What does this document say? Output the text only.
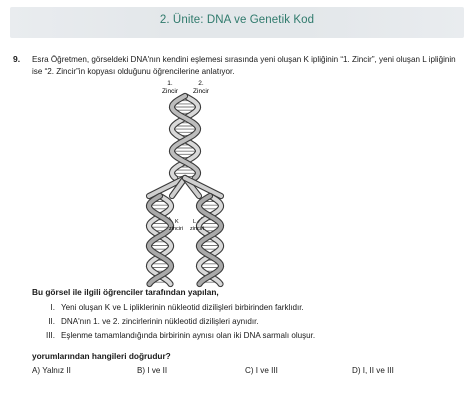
2. Ünite: DNA ve Genetik Kod
9. Esra Öğretmen, görseldeki DNA'nın kendini eşlemesi sırasında yeni oluşan K ipliğinin “1. Zincir”, yeni oluşan L ipliğinin ise “2. Zincir”in kopyası olduğunu öğrencilerine anlatıyor.

1.
Zincir
2.
Zincir
K
zinciri
L
zinciri
Bu görsel ile ilgili öğrenciler tarafından yapılan,
I. Yeni oluşan K ve L ipliklerinin nükleotid dizilişleri birbirinden farklıdır.
II. DNA'nın 1. ve 2. zincirlerinin nükleotid dizilişleri aynıdır.
III. Eşlenme tamamlandığında birbirinin aynısı olan iki DNA sarmalı oluşur.
yorumlarından hangileri doğrudur?
A) Yalnız II	B) I ve II	C) I ve III	D) I, II ve III
